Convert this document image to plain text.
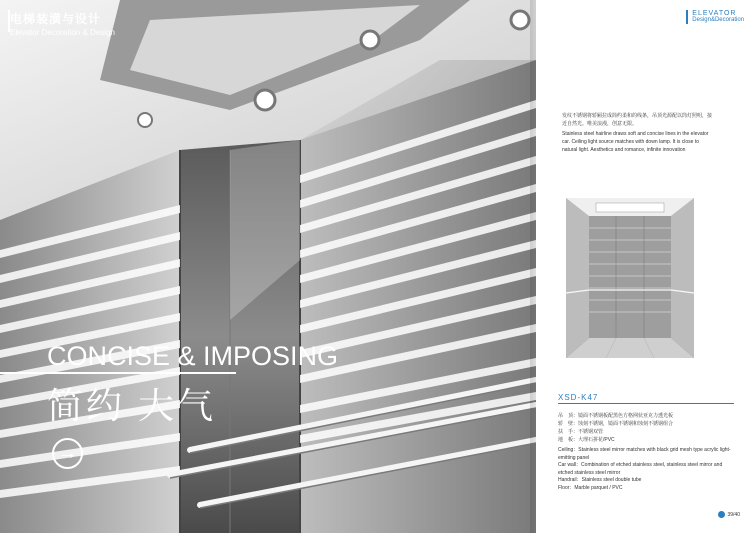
电梯装潢与设计
Elevator Decoration & Design
CONCISE & IMPOSING
简约 大气
→
ELEVATOR
Design&Decoration
发纹不锈钢将轿厢拉成简约柔和的线条，吊顶光源配以筒灯照明，接近自然光。唯美浪漫，创意无限。
Stainless steel hairline draws soft and concise lines in the elevator car. Ceiling light source matches with down lamp. It is close to natural light. Aesthetics and romance, infinite innovation
XSD-K47
吊　顶：镜面不锈钢板配黑色方格网状亚克力透光板
轿　壁：蚀刻不锈钢，镜面不锈钢和蚀刻不锈钢组合
扶　手：不锈钢双管
地　板：大理石拼花/PVC
Ceiling：Stainless steel mirror matches with black grid mesh type acrylic light-emitting panel
Car wall：Combination of etched stainless steel, stainless steel mirror and etched stainless steel mirror
Handrail：Stainless steel double tube
Floor：Marble parquet / PVC
39/40
